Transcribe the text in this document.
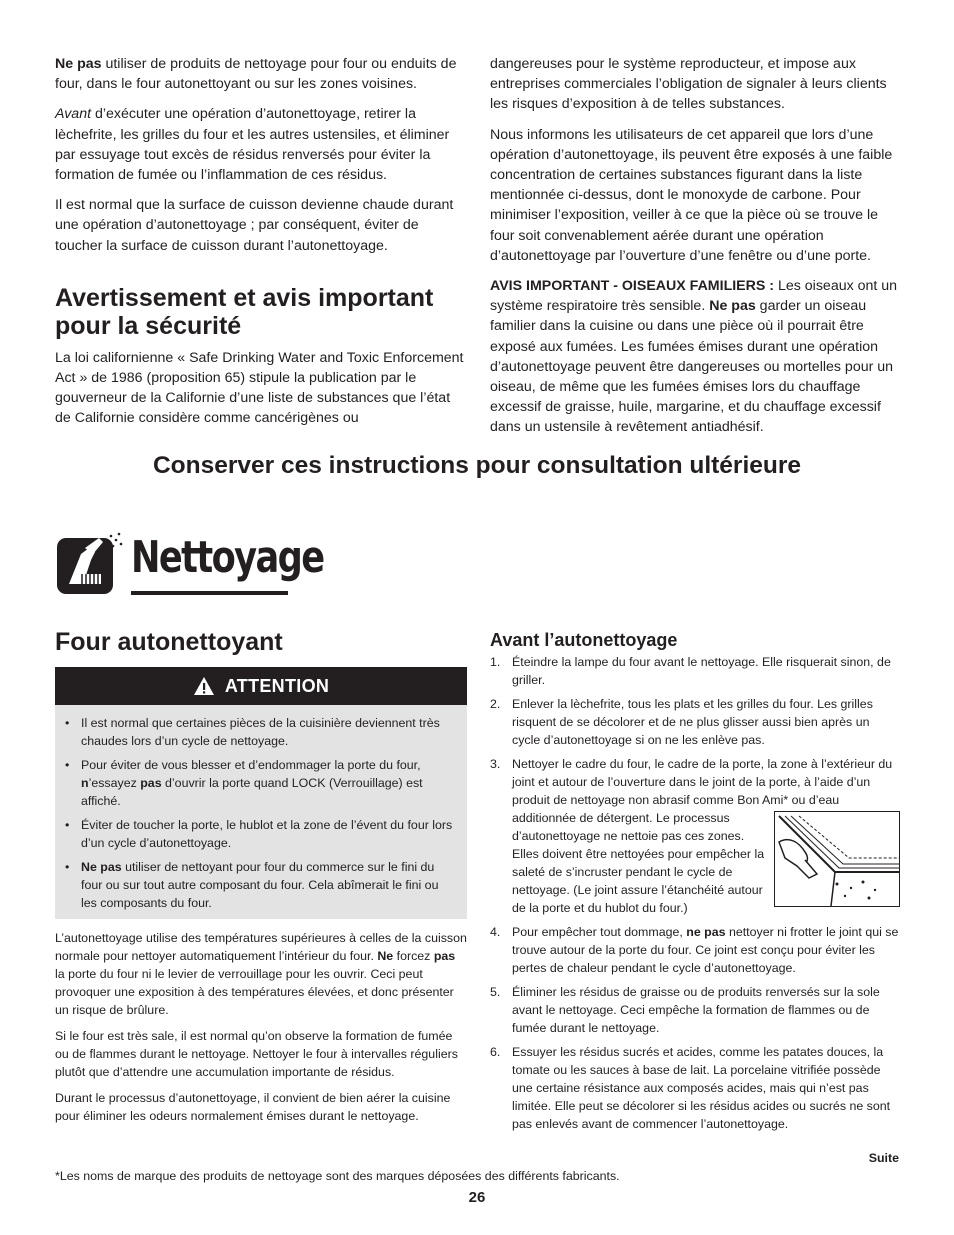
Ne pas utiliser de produits de nettoyage pour four ou enduits de four, dans le four autonettoyant ou sur les zones voisines.

Avant d’exécuter une opération d’autonettoyage, retirer la lèchefrite, les grilles du four et les autres ustensiles, et éliminer par essuyage tout excès de résidus renversés pour éviter la formation de fumée ou l’inflammation de ces résidus.

Il est normal que la surface de cuisson devienne chaude durant une opération d’autonettoyage ; par conséquent, éviter de toucher la surface de cuisson durant l’autonettoyage.

Avertissement et avis important pour la sécurité

La loi californienne « Safe Drinking Water and Toxic Enforcement Act » de 1986 (proposition 65) stipule la publication par le gouverneur de la Californie d’une liste de substances que l’état de Californie considère comme cancérigènes ou

dangereuses pour le système reproducteur, et impose aux entreprises commerciales l’obligation de signaler à leurs clients les risques d’exposition à de telles substances.

Nous informons les utilisateurs de cet appareil que lors d’une opération d’autonettoyage, ils peuvent être exposés à une faible concentration de certaines substances figurant dans la liste mentionnée ci-dessus, dont le monoxyde de carbone. Pour minimiser l’exposition, veiller à ce que la pièce où se trouve le four soit convenablement aérée durant une opération d’autonettoyage par l’ouverture d’une fenêtre ou d’une porte.

AVIS IMPORTANT - OISEAUX FAMILIERS : Les oiseaux ont un système respiratoire très sensible. Ne pas garder un oiseau familier dans la cuisine ou dans une pièce où il pourrait être exposé aux fumées. Les fumées émises durant une opération d’autonettoyage peuvent être dangereuses ou mortelles pour un oiseau, de même que les fumées émises lors du chauffage excessif de graisse, huile, margarine, et du chauffage excessif dans un ustensile à revêtement antiadhésif.

Conserver ces instructions pour consultation ultérieure
Nettoyage
Four autonettoyant
ATTENTION
• Il est normal que certaines pièces de la cuisinière deviennent très chaudes lors d’un cycle de nettoyage.
• Pour éviter de vous blesser et d’endommager la porte du four, n’essayez pas d’ouvrir la porte quand LOCK (Verrouillage) est affiché.
• Éviter de toucher la porte, le hublot et la zone de l’évent du four lors d’un cycle d’autonettoyage.
• Ne pas utiliser de nettoyant pour four du commerce sur le fini du four ou sur tout autre composant du four. Cela abîmerait le fini ou les composants du four.

L’autonettoyage utilise des températures supérieures à celles de la cuisson normale pour nettoyer automatiquement l’intérieur du four. Ne forcez pas la porte du four ni le levier de verrouillage pour les ouvrir. Ceci peut provoquer une exposition à des températures élevées, et donc présenter un risque de brûlure.

Si le four est très sale, il est normal qu’on observe la formation de fumée ou de flammes durant le nettoyage. Nettoyer le four à intervalles réguliers plutôt que d’attendre une accumulation importante de résidus.

Durant le processus d’autonettoyage, il convient de bien aérer la cuisine pour éliminer les odeurs normalement émises durant le nettoyage.

Avant l’autonettoyage
1. Éteindre la lampe du four avant le nettoyage. Elle risquerait sinon, de griller.
2. Enlever la lèchefrite, tous les plats et les grilles du four. Les grilles risquent de se décolorer et de ne plus glisser aussi bien après un cycle d’autonettoyage si on ne les enlève pas.
3. Nettoyer le cadre du four, le cadre de la porte, la zone à l’extérieur du joint et autour de l’ouverture dans le joint de la porte, à l’aide d’un produit de nettoyage non abrasif comme Bon Ami* ou d’eau additionnée de détergent. Le processus d’autonettoyage ne nettoie pas ces zones. Elles doivent être nettoyées pour empêcher la saleté de s’incruster pendant le cycle de nettoyage. (Le joint assure l’étanchéité autour de la porte et du hublot du four.)
4. Pour empêcher tout dommage, ne pas nettoyer ni frotter le joint qui se trouve autour de la porte du four. Ce joint est conçu pour éviter les pertes de chaleur pendant le cycle d’autonettoyage.
5. Éliminer les résidus de graisse ou de produits renversés sur la sole avant le nettoyage. Ceci empêche la formation de flammes ou de fumée durant le nettoyage.
6. Essuyer les résidus sucrés et acides, comme les patates douces, la tomate ou les sauces à base de lait. La porcelaine vitrifiée possède une certaine résistance aux composés acides, mais qui n’est pas limitée. Elle peut se décolorer si les résidus acides ou sucrés ne sont pas enlevés avant de commencer l’autonettoyage.
Suite
*Les noms de marque des produits de nettoyage sont des marques déposées des différents fabricants.
26
